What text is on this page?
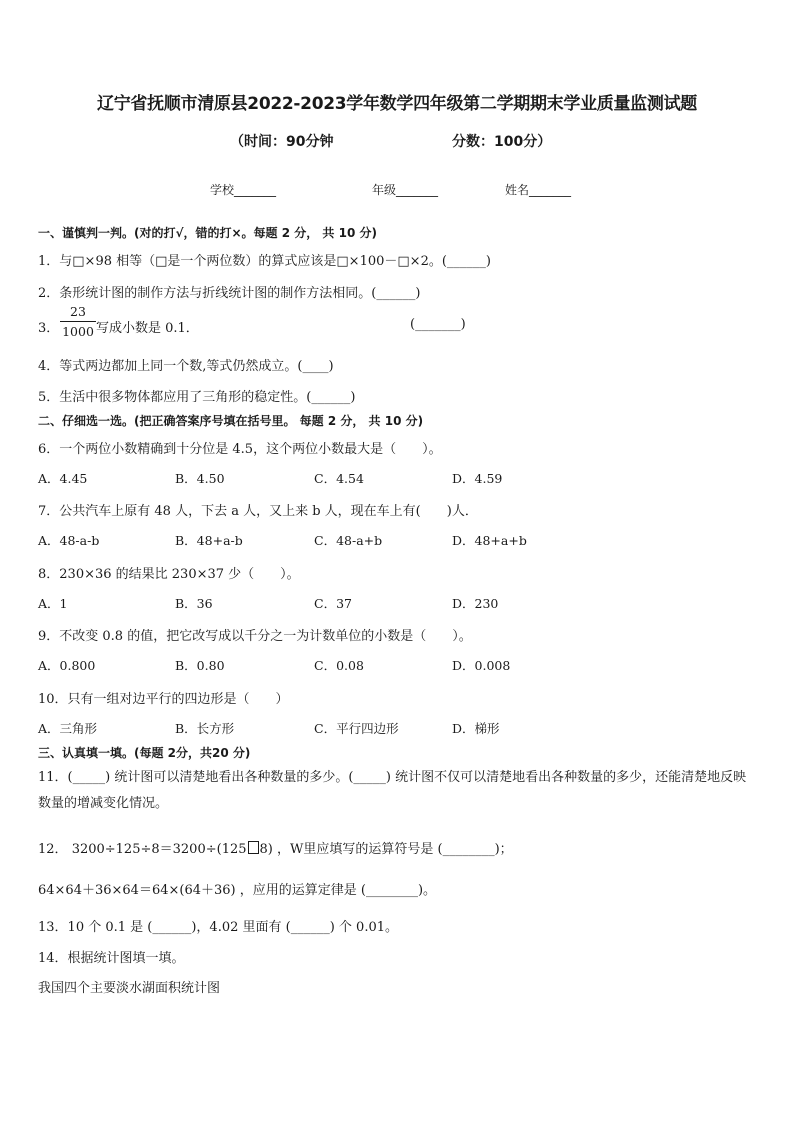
辽宁省抚顺市清原县2022-2023学年数学四年级第二学期期末学业质量监测试题
（时间：90分钟	分数：100分）
学校_______	年级_______	姓名_______
一、谨慎判一判。(对的打√，错的打×。每题 2 分， 共 10 分)
1．与□×98 相等（□是一个两位数）的算式应该是□×100－□×2。(______)
2．条形统计图的制作方法与折线统计图的制作方法相同。(______)
3．
23
1000 写成小数是 0.1．	(_______)
4．等式两边都加上同一个数,等式仍然成立。(____)
5．生活中很多物体都应用了三角形的稳定性。(______)
二、仔细选一选。(把正确答案序号填在括号里。 每题 2 分， 共 10 分)
6．一个两位小数精确到十分位是 4.5，这个两位小数最大是（　　）。
A．4.45	B．4.50	C．4.54	D．4.59
7．公共汽车上原有 48 人，下去 a 人，又上来 b 人，现在车上有(　　)人．
A．48-a-b	B．48+a-b	C．48-a+b	D．48+a+b
8．230×36 的结果比 230×37 少（　　）。
A．1	B．36	C．37	D．230
9．不改变 0.8 的值，把它改写成以千分之一为计数单位的小数是（　　）。
A．0.800	B．0.80	C．0.08	D．0.008
10．只有一组对边平行的四边形是（　　）
A．三角形	B．长方形	C．平行四边形	D．梯形
三、认真填一填。(每题 2分，共20 分)
11．(_____) 统计图可以清楚地看出各种数量的多少。(_____) 统计图不仅可以清楚地看出各种数量的多少，还能清楚地反映数量的增减变化情况。
12． 3200÷125÷8＝3200÷(125 8) ，W里应填写的运算符号是 (________)；
64×64＋36×64＝64×(64＋36) ，应用的运算定律是 (________)。
13．10 个 0.1 是 (______)，4.02 里面有 (______) 个 0.01。
14．根据统计图填一填。
我国四个主要淡水湖面积统计图
